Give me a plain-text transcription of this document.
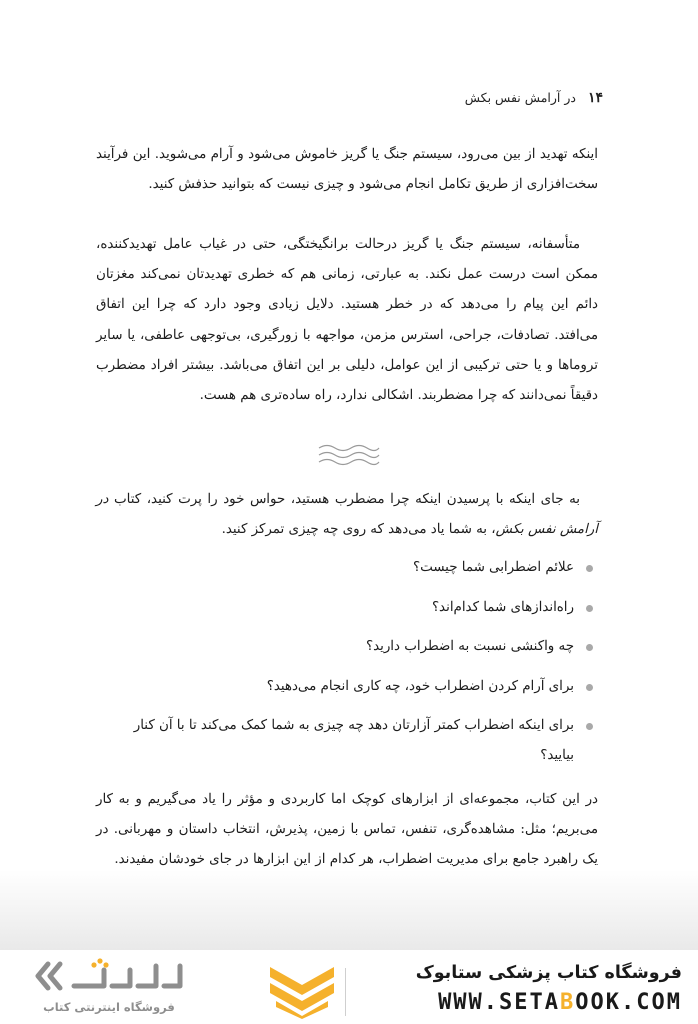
۱۴
در آرامش نفس بکش

اینکه تهدید از بین می‌رود، سیستم جنگ یا گریز خاموش می‌شود و آرام می‌شوید. این فرآیند سخت‌افزاری از طریق تکامل انجام می‌شود و چیزی نیست که بتوانید حذفش کنید.

متأسفانه، سیستم جنگ یا گریز درحالت برانگیختگی، حتی در غیاب عامل تهدیدکننده، ممکن است درست عمل نکند. به عبارتی، زمانی هم که خطری تهدیدتان نمی‌کند مغزتان دائم این پیام را می‌دهد که در خطر هستید. دلایل زیادی وجود دارد که چرا این اتفاق می‌افتد. تصادفات، جراحی، استرس مزمن، مواجهه با زورگیری، بی‌توجهی عاطفی، یا سایر تروماها و یا حتی ترکیبی از این عوامل، دلیلی بر این اتفاق می‌باشد. بیشتر افراد مضطرب دقیقاً نمی‌دانند که چرا مضطربند. اشکالی ندارد، راه ساده‌تری هم هست.

به جای اینکه با پرسیدن اینکه چرا مضطرب هستید، حواس خود را پرت کنید، کتاب در آرامش نفس بکش، به شما یاد می‌دهد که روی چه چیزی تمرکز کنید.

علائم اضطرابی شما چیست؟
راه‌اندازهای شما کدام‌اند؟
چه واکنشی نسبت به اضطراب دارید؟
برای آرام کردن اضطراب خود، چه کاری انجام می‌دهید؟
برای اینکه اضطراب کمتر آزارتان دهد چه چیزی به شما کمک می‌کند تا با آن کنار بیایید؟

در این کتاب، مجموعه‌ای از ابزارهای کوچک اما کاربردی و مؤثر را یاد می‌گیریم و به کار می‌بریم؛ مثل: مشاهده‌گری، تنفس، تماس با زمین، پذیرش، انتخاب داستان و مهربانی. در یک راهبرد جامع برای مدیریت اضطراب، هر کدام از این ابزارها در جای خودشان مفیدند.

فروشگاه کتاب پزشکی ستابوک
WWW.SETABOOK.COM
فروشگاه اینترنتی کتاب
